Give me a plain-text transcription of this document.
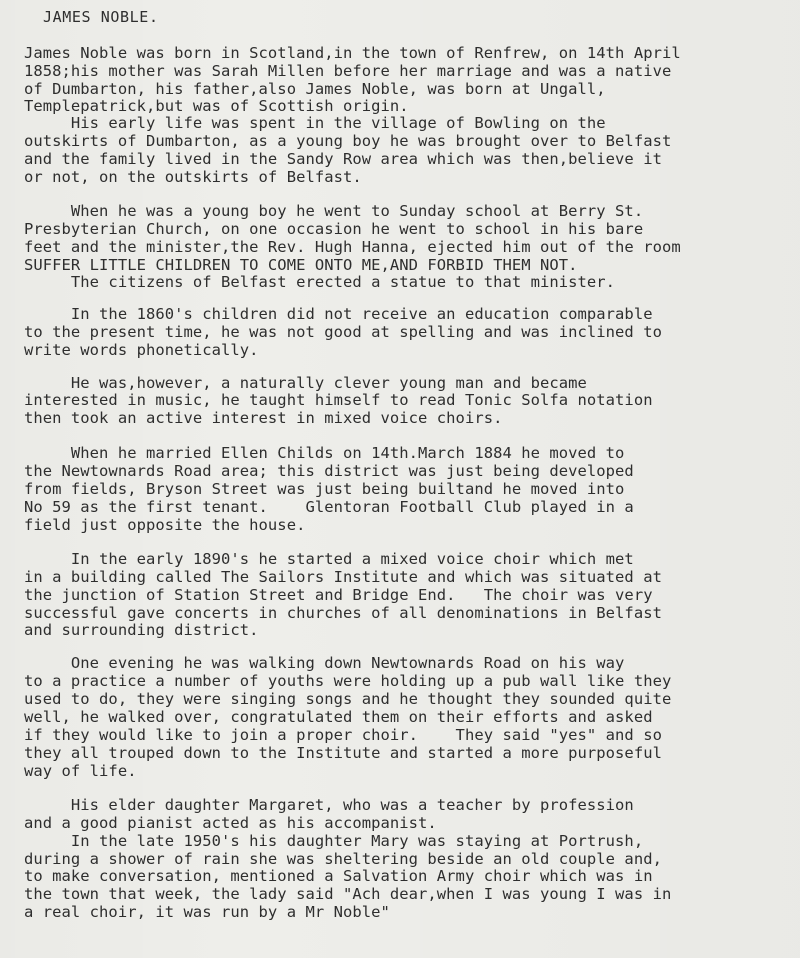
JAMES NOBLE.
James Noble was born in Scotland,in the town of Renfrew, on 14th April
1858;his mother was Sarah Millen before her marriage and was a native
of Dumbarton, his father,also James Noble, was born at Ungall,
Templepatrick,but was of Scottish origin.
His early life was spent in the village of Bowling on the
outskirts of Dumbarton, as a young boy he was brought over to Belfast
and the family lived in the Sandy Row area which was then,believe it
or not, on the outskirts of Belfast.
When he was a young boy he went to Sunday school at Berry St.
Presbyterian Church, on one occasion he went to school in his bare
feet and the minister,the Rev. Hugh Hanna, ejected him out of the room
SUFFER LITTLE CHILDREN TO COME ONTO ME,AND FORBID THEM NOT.
The citizens of Belfast erected a statue to that minister.
In the 1860's children did not receive an education comparable
to the present time, he was not good at spelling and was inclined to
write words phonetically.
He was,however, a naturally clever young man and became
interested in music, he taught himself to read Tonic Solfa notation
then took an active interest in mixed voice choirs.
When he married Ellen Childs on 14th.March 1884 he moved to
the Newtownards Road area; this district was just being developed
from fields, Bryson Street was just being builtand he moved into
No 59 as the first tenant.    Glentoran Football Club played in a
field just opposite the house.
In the early 1890's he started a mixed voice choir which met
in a building called The Sailors Institute and which was situated at
the junction of Station Street and Bridge End.   The choir was very
successful gave concerts in churches of all denominations in Belfast
and surrounding district.
One evening he was walking down Newtownards Road on his way
to a practice a number of youths were holding up a pub wall like they
used to do, they were singing songs and he thought they sounded quite
well, he walked over, congratulated them on their efforts and asked
if they would like to join a proper choir.    They said "yes" and so
they all trouped down to the Institute and started a more purposeful
way of life.
His elder daughter Margaret, who was a teacher by profession
and a good pianist acted as his accompanist.
In the late 1950's his daughter Mary was staying at Portrush,
during a shower of rain she was sheltering beside an old couple and,
to make conversation, mentioned a Salvation Army choir which was in
the town that week, the lady said "Ach dear,when I was young I was in
a real choir, it was run by a Mr Noble"
